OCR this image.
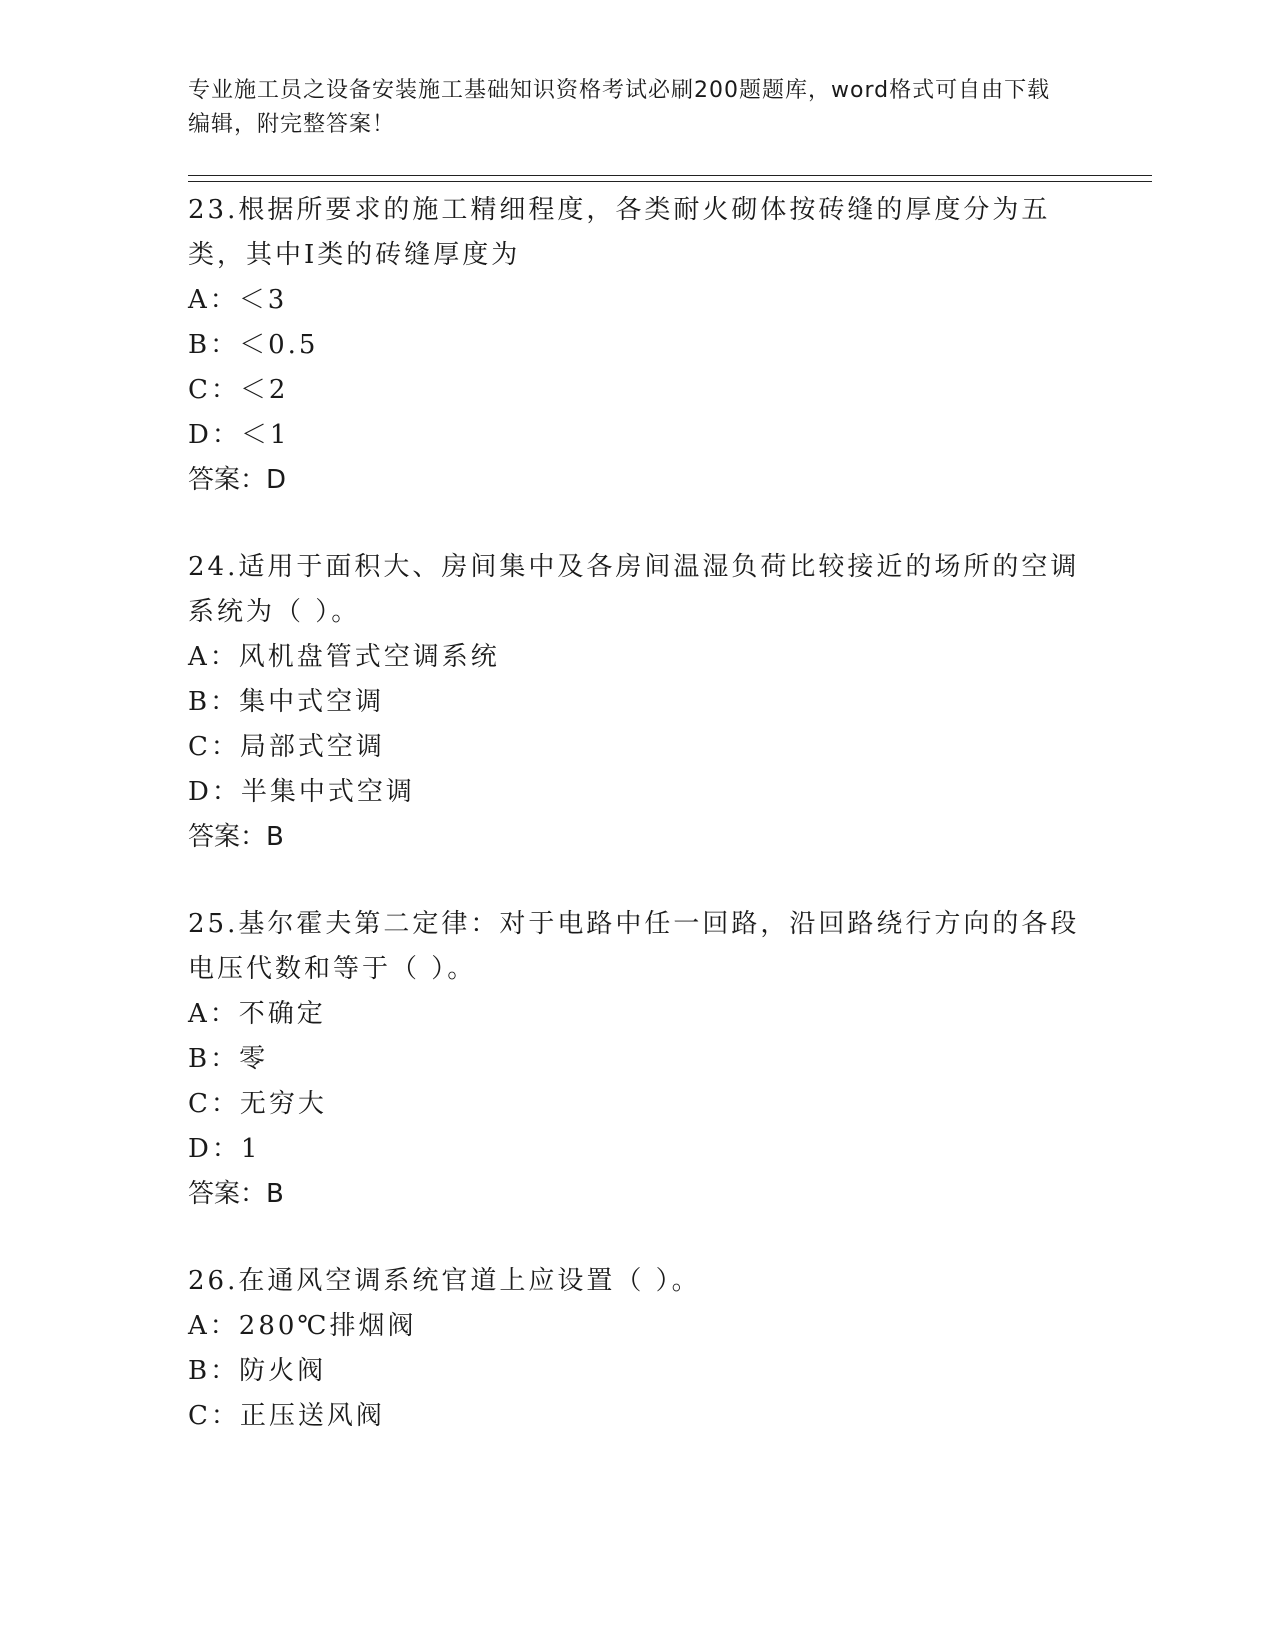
专业施工员之设备安装施工基础知识资格考试必刷200题题库，word格式可自由下载编辑，附完整答案！

23.根据所要求的施工精细程度，各类耐火砌体按砖缝的厚度分为五类，其中Ⅰ类的砖缝厚度为

A：＜3
B：＜0.5
C：＜2
D：＜1
答案：D

24.适用于面积大、房间集中及各房间温湿负荷比较接近的场所的空调系统为（ ）。

A：风机盘管式空调系统
B：集中式空调
C：局部式空调
D：半集中式空调
答案：B

25.基尔霍夫第二定律：对于电路中任一回路，沿回路绕行方向的各段电压代数和等于（ ）。

A：不确定
B：零
C：无穷大
D：1
答案：B

26.在通风空调系统官道上应设置（ ）。

A：280℃排烟阀
B：防火阀
C：正压送风阀
